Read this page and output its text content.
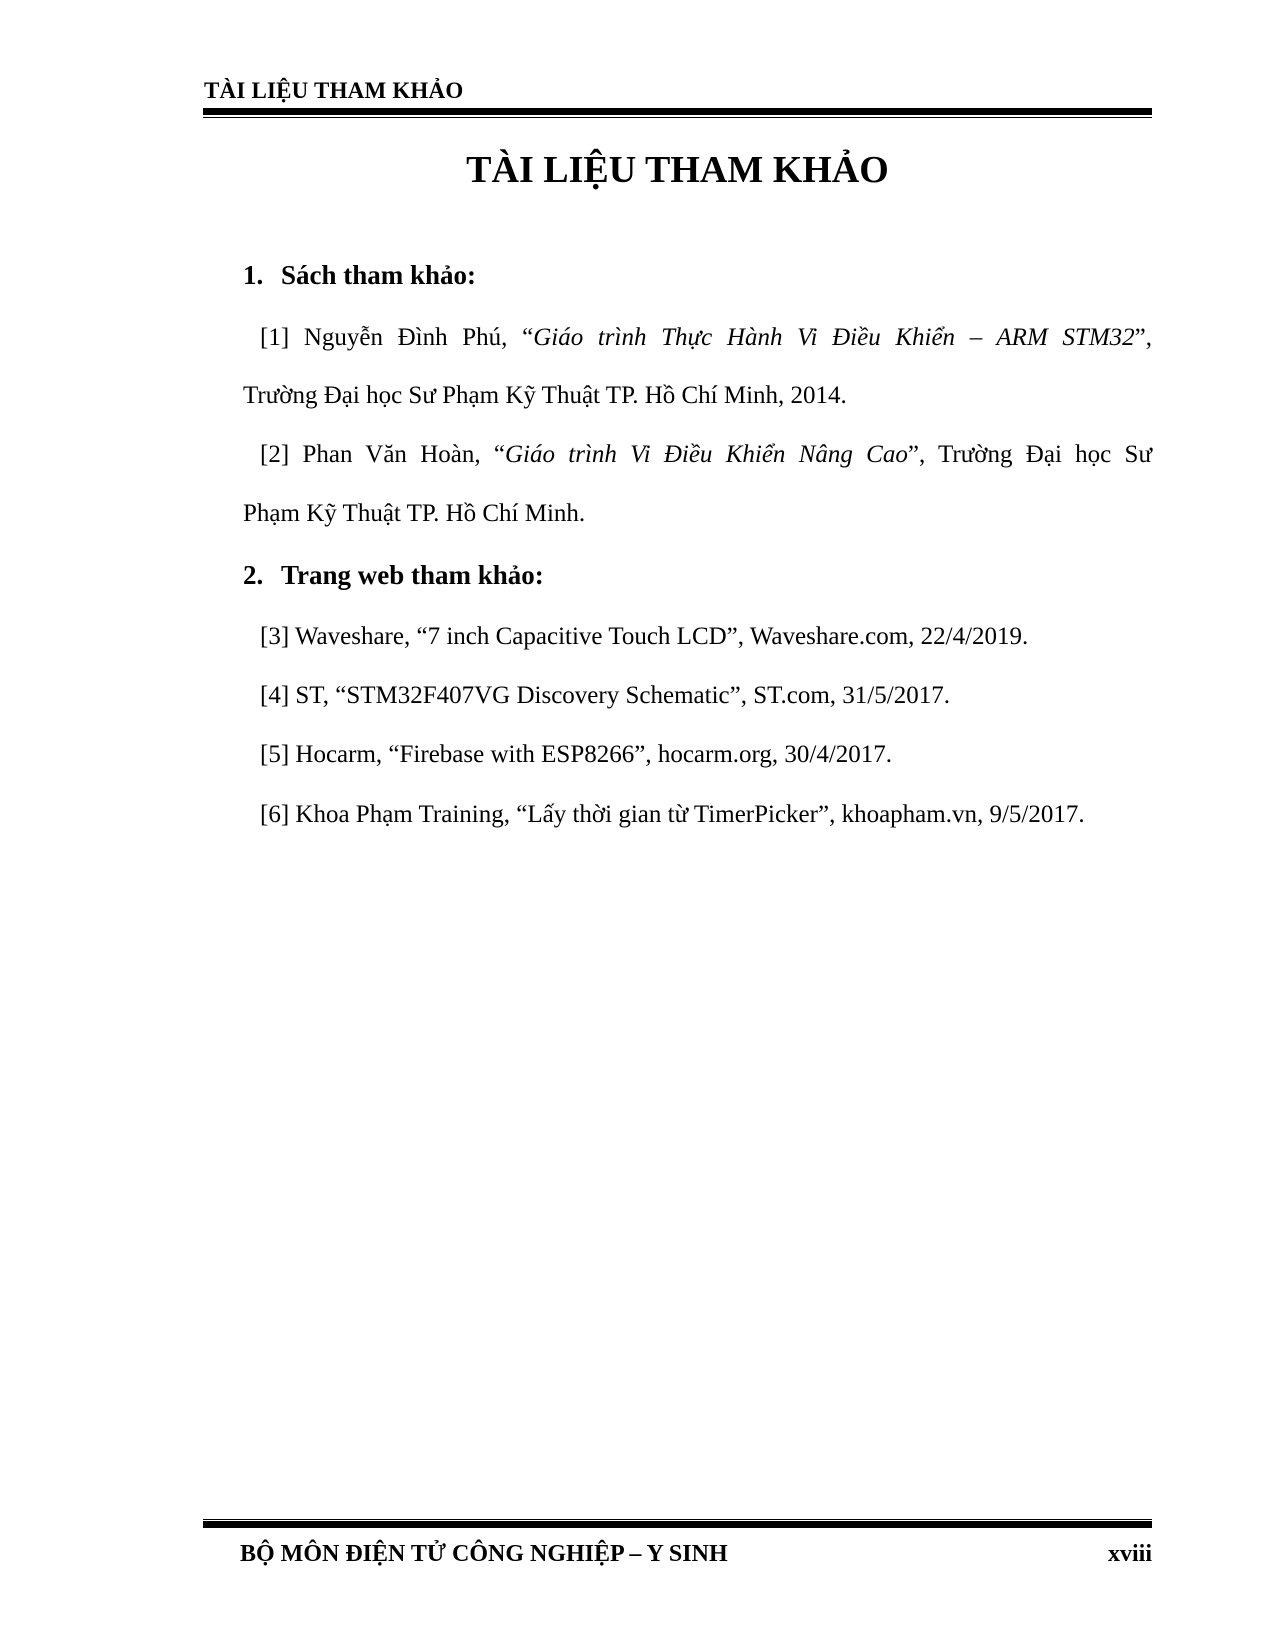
TÀI LIỆU THAM KHẢO
TÀI LIỆU THAM KHẢO
1. Sách tham khảo:
[1] Nguyễn Đình Phú, “Giáo trình Thực Hành Vi Điều Khiển – ARM STM32”,
Trường Đại học Sư Phạm Kỹ Thuật TP. Hồ Chí Minh, 2014.
[2] Phan Văn Hoàn, “Giáo trình Vi Điều Khiển Nâng Cao”, Trường Đại học Sư
Phạm Kỹ Thuật TP. Hồ Chí Minh.
2. Trang web tham khảo:
[3] Waveshare, “7 inch Capacitive Touch LCD”, Waveshare.com, 22/4/2019.
[4] ST, “STM32F407VG Discovery Schematic”, ST.com, 31/5/2017.
[5] Hocarm, “Firebase with ESP8266”, hocarm.org, 30/4/2017.
[6] Khoa Phạm Training, “Lấy thời gian từ TimerPicker”, khoapham.vn, 9/5/2017.
BỘ MÔN ĐIỆN TỬ CÔNG NGHIỆP – Y SINH	xviii
